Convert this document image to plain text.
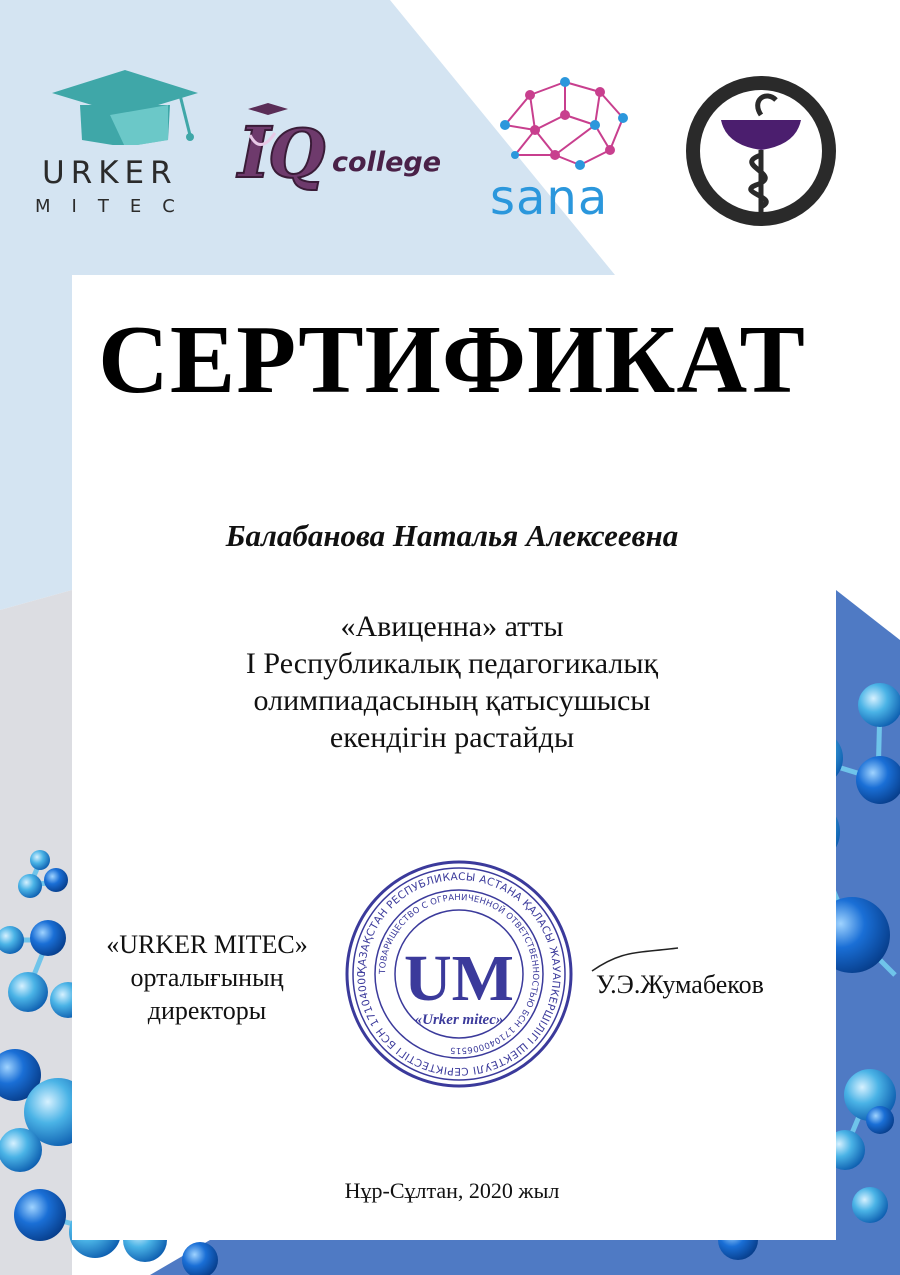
URKER
MITEC
I
Q college
sana
СЕРТИФИКАТ
Балабанова Наталья Алексеевна
«Авиценна» атты
I Республикалық педагогикалық
олимпиадасының қатысушысы
екендігін растайды
«URKER MITEC»
орталығының
директоры
ҚАЗАҚСТАН РЕСПУБЛИКАСЫ АСТАНА ҚАЛАСЫ ЖАУАПКЕРШІЛІГІ ШЕКТЕУЛІ СЕРІКТЕСТІГІ БСН 17104000	ТОВАРИЩЕСТВО С ОГРАНИЧЕННОЙ ОТВЕТСТВЕННОСТЬЮ БСН 171040006515
UM
«Urker mitec»
У.Э.Жумабеков
Нұр-Сұлтан, 2020 жыл
